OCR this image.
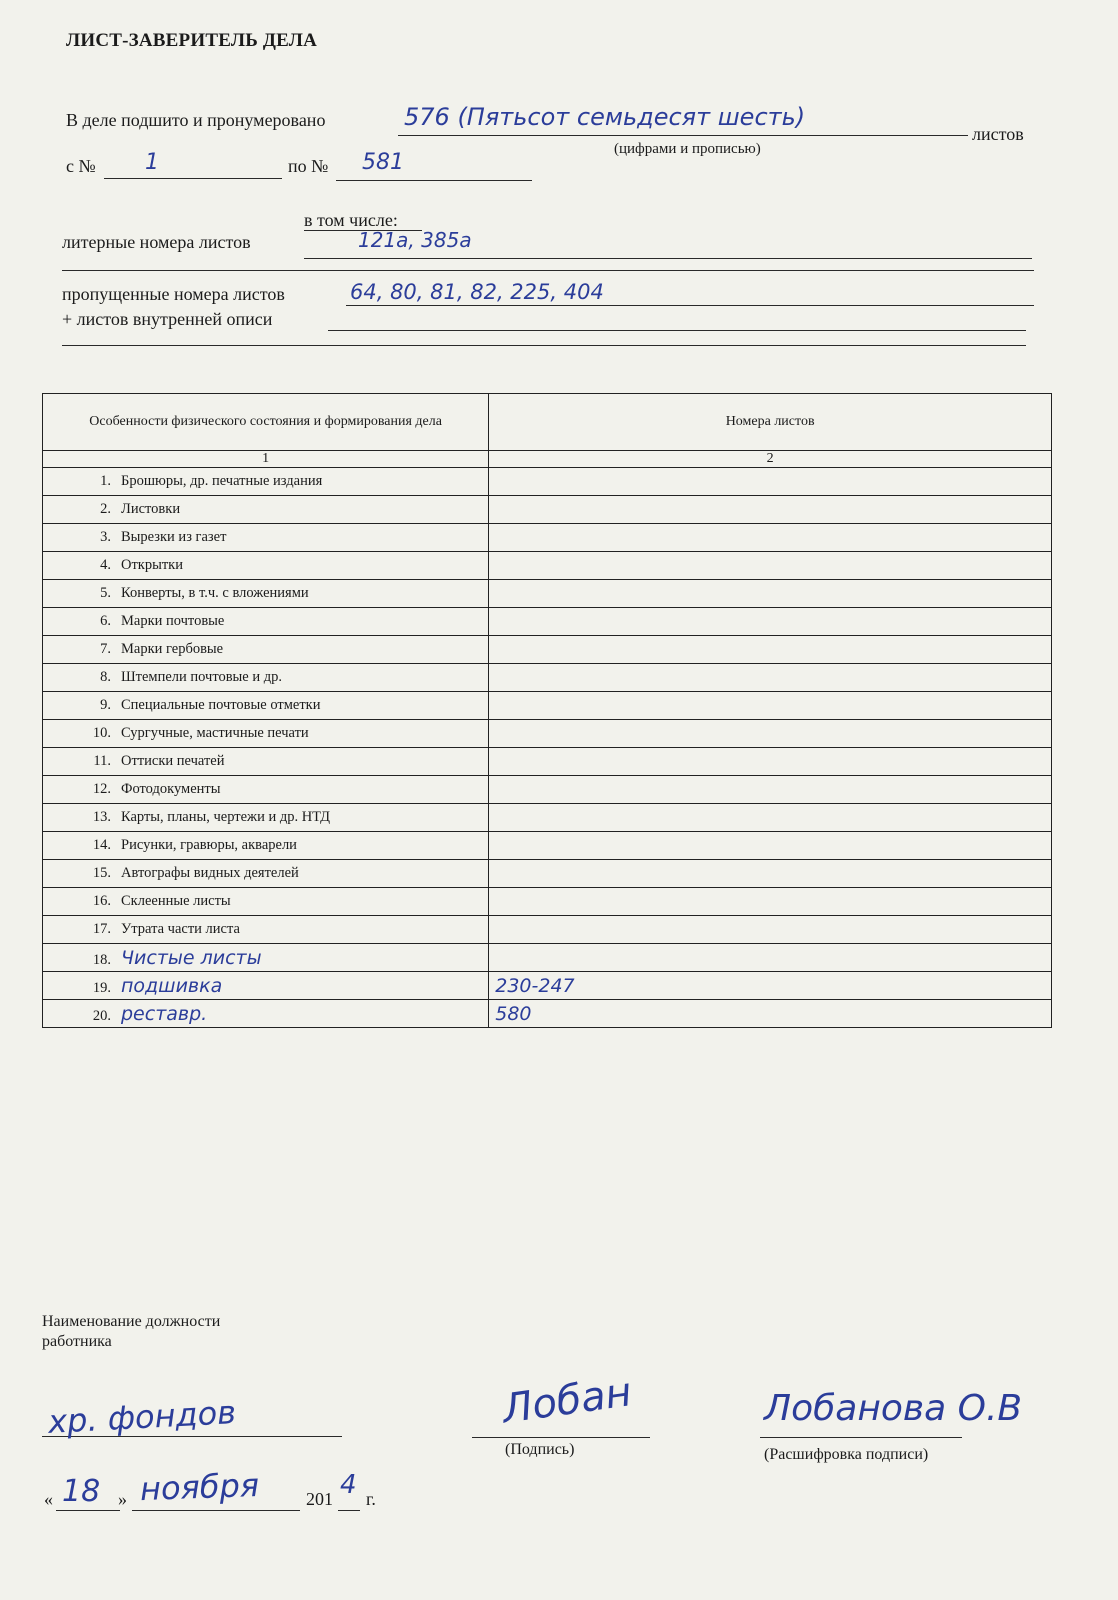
ЛИСТ-ЗАВЕРИТЕЛЬ ДЕЛА
В деле подшито и пронумеровано	576 (Пятьсот семьдесят шесть)
листов
(цифрами и прописью)
с № 1	по № 581
в том числе:
литерные номера листов	121а, 385а
пропущенные номера листов	64, 80, 81, 82, 225, 404
+ листов внутренней описи
Особенности физического состояния и формирования дела	Номера листов
1	2
1. Брошюры, др. печатные издания	
2. Листовки	
3. Вырезки из газет	
4. Открытки	
5. Конверты, в т.ч. с вложениями	
6. Марки почтовые	
7. Марки гербовые	
8. Штемпели почтовые и др.	
9. Специальные почтовые отметки	
10. Сургучные, мастичные печати	
11. Оттиски печатей	
12. Фотодокументы	
13. Карты, планы, чертежи и др. НТД	
14. Рисунки, гравюры, акварели	
15. Автографы видных деятелей	
16. Склеенные листы	
17. Утрата части листа	
18. Чистые листы	
19. подшивка	230-247
20. реставр.	580
Наименование должности работника
хр. фондов	Лобан
(Подпись)
Лобанова О.В
(Расшифровка подписи)
« 18 » ноября	201 4 г.
